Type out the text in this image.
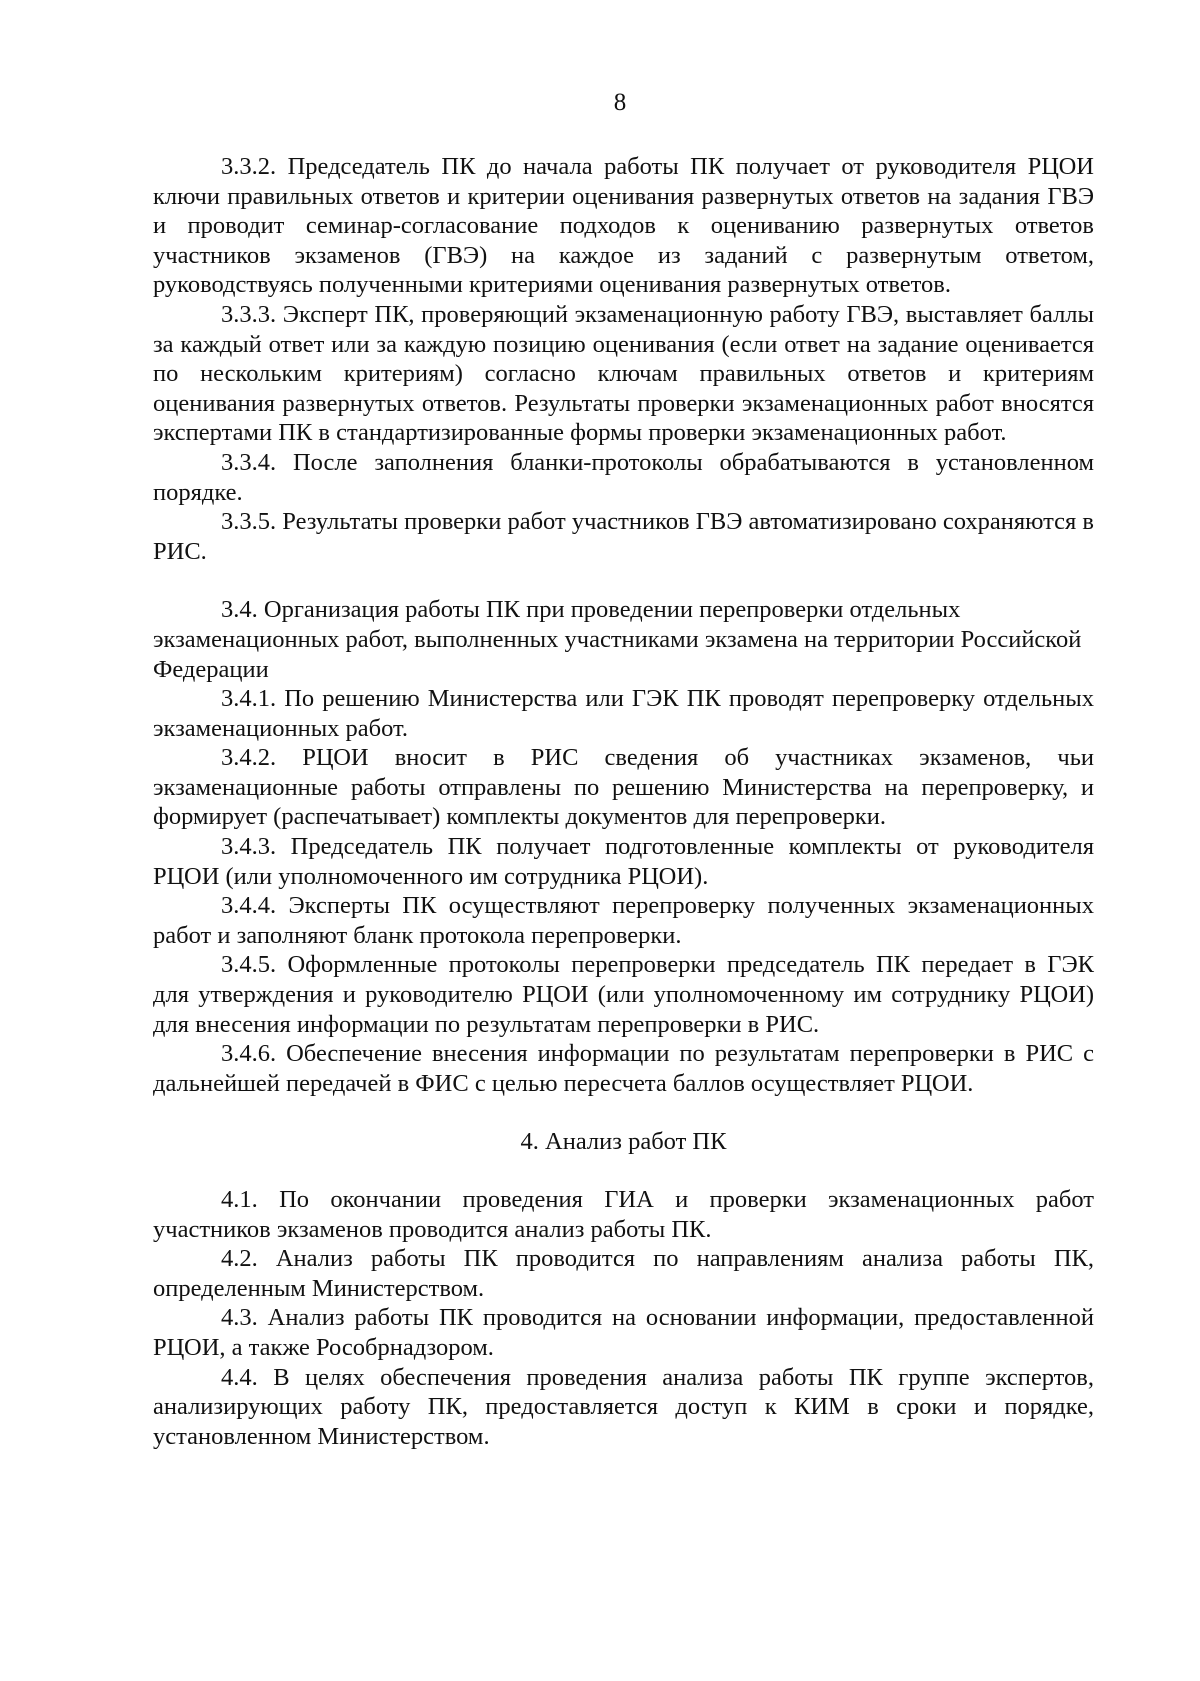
8

3.3.2. Председатель ПК до начала работы ПК получает от руководителя РЦОИ ключи правильных ответов и критерии оценивания развернутых ответов на задания ГВЭ и проводит семинар-согласование подходов к оцениванию развернутых ответов участников экзаменов (ГВЭ) на каждое из заданий с развернутым ответом, руководствуясь полученными критериями оценивания развернутых ответов.

3.3.3. Эксперт ПК, проверяющий экзаменационную работу ГВЭ, выставляет баллы за каждый ответ или за каждую позицию оценивания (если ответ на задание оценивается по нескольким критериям) согласно ключам правильных ответов и критериям оценивания развернутых ответов. Результаты проверки экзаменационных работ вносятся экспертами ПК в стандартизированные формы проверки экзаменационных работ.

3.3.4. После заполнения бланки-протоколы обрабатываются в установленном порядке.

3.3.5. Результаты проверки работ участников ГВЭ автоматизировано сохраняются в РИС.

3.4. Организация работы ПК при проведении перепроверки отдельных экзаменационных работ, выполненных участниками экзамена на территории Российской Федерации

3.4.1. По решению Министерства или ГЭК ПК проводят перепроверку отдельных экзаменационных работ.

3.4.2. РЦОИ вносит в РИС сведения об участниках экзаменов, чьи экзаменационные работы отправлены по решению Министерства на перепроверку, и формирует (распечатывает) комплекты документов для перепроверки.

3.4.3. Председатель ПК получает подготовленные комплекты от руководителя РЦОИ (или уполномоченного им сотрудника РЦОИ).

3.4.4. Эксперты ПК осуществляют перепроверку полученных экзаменационных работ и заполняют бланк протокола перепроверки.

3.4.5. Оформленные протоколы перепроверки председатель ПК передает в ГЭК для утверждения и руководителю РЦОИ (или уполномоченному им сотруднику РЦОИ) для внесения информации по результатам перепроверки в РИС.

3.4.6. Обеспечение внесения информации по результатам перепроверки в РИС с дальнейшей передачей в ФИС с целью пересчета баллов осуществляет РЦОИ.

4. Анализ работ ПК

4.1. По окончании проведения ГИА и проверки экзаменационных работ участников экзаменов проводится анализ работы ПК.

4.2. Анализ работы ПК проводится по направлениям анализа работы ПК, определенным Министерством.

4.3. Анализ работы ПК проводится на основании информации, предоставленной РЦОИ, а также Рособрнадзором.

4.4. В целях обеспечения проведения анализа работы ПК группе экспертов, анализирующих работу ПК, предоставляется доступ к КИМ в сроки и порядке, установленном Министерством.
